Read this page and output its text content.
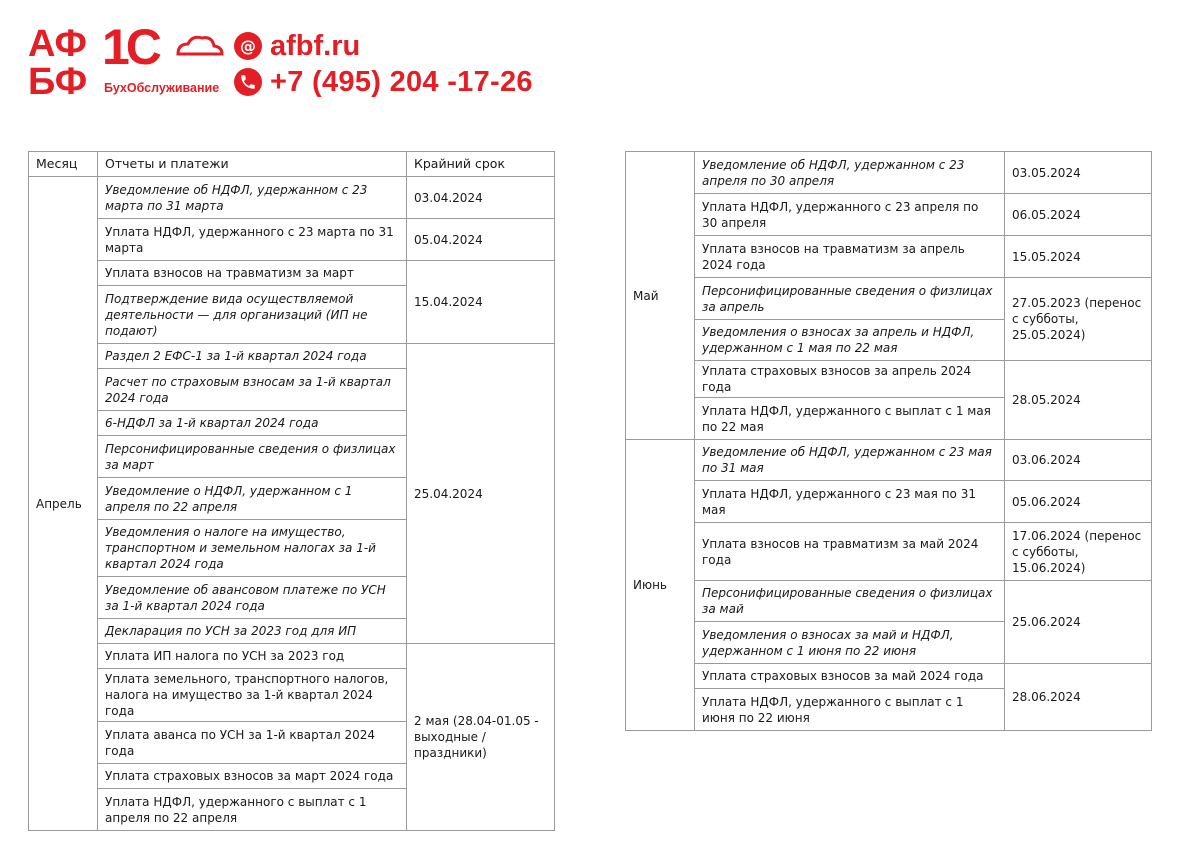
АФ
БФ
1С
БухОбслуживание
@ afbf.ru
+7 (495) 204 -17-26
Месяц	Отчеты и платежи	Крайний срок
Апрель	Уведомление об НДФЛ, удержанном с 23 марта по 31 марта	03.04.2024
	Уплата НДФЛ, удержанного с 23 марта по 31 марта	05.04.2024
	Уплата взносов на травматизм за март	15.04.2024
	Подтверждение вида осуществляемой деятельности — для организаций (ИП не подают)	
	Раздел 2 ЕФС-1 за 1-й квартал 2024 года	25.04.2024
	Расчет по страховым взносам за 1-й квартал 2024 года	
	6-НДФЛ за 1-й квартал 2024 года	
	Персонифицированные сведения о физлицах за март	
	Уведомление о НДФЛ, удержанном с 1 апреля по 22 апреля	
	Уведомления о налоге на имущество, транспортном и земельном налогах за 1-й квартал 2024 года	
	Уведомление об авансовом платеже по УСН за 1-й квартал 2024 года	
	Декларация по УСН за 2023 год для ИП	
	Уплата ИП налога по УСН за 2023 год	2 мая (28.04-01.05 - выходные / праздники)
	Уплата земельного, транспортного налогов, налога на имущество за 1-й квартал 2024 года	
	Уплата аванса по УСН за 1-й квартал 2024 года	
	Уплата страховых взносов за март 2024 года	
	Уплата НДФЛ, удержанного с выплат с 1 апреля по 22 апреля	
Май	Уведомление об НДФЛ, удержанном с 23 апреля по 30 апреля	03.05.2024
	Уплата НДФЛ, удержанного с 23 апреля по 30 апреля	06.05.2024
	Уплата взносов на травматизм за апрель 2024 года	15.05.2024
	Персонифицированные сведения о физлицах за апрель	27.05.2023 (перенос с субботы, 25.05.2024)
	Уведомления о взносах за апрель и НДФЛ, удержанном с 1 мая по 22 мая	
	Уплата страховых взносов за апрель 2024 года	28.05.2024
	Уплата НДФЛ, удержанного с выплат с 1 мая по 22 мая	
Июнь	Уведомление об НДФЛ, удержанном с 23 мая по 31 мая	03.06.2024
	Уплата НДФЛ, удержанного с 23 мая по 31 мая	05.06.2024
	Уплата взносов на травматизм за май 2024 года	17.06.2024 (перенос с субботы, 15.06.2024)
	Персонифицированные сведения о физлицах за май	25.06.2024
	Уведомления о взносах за май и НДФЛ, удержанном с 1 июня по 22 июня	
	Уплата страховых взносов за май 2024 года	28.06.2024
	Уплата НДФЛ, удержанного с выплат с 1 июня по 22 июня	
